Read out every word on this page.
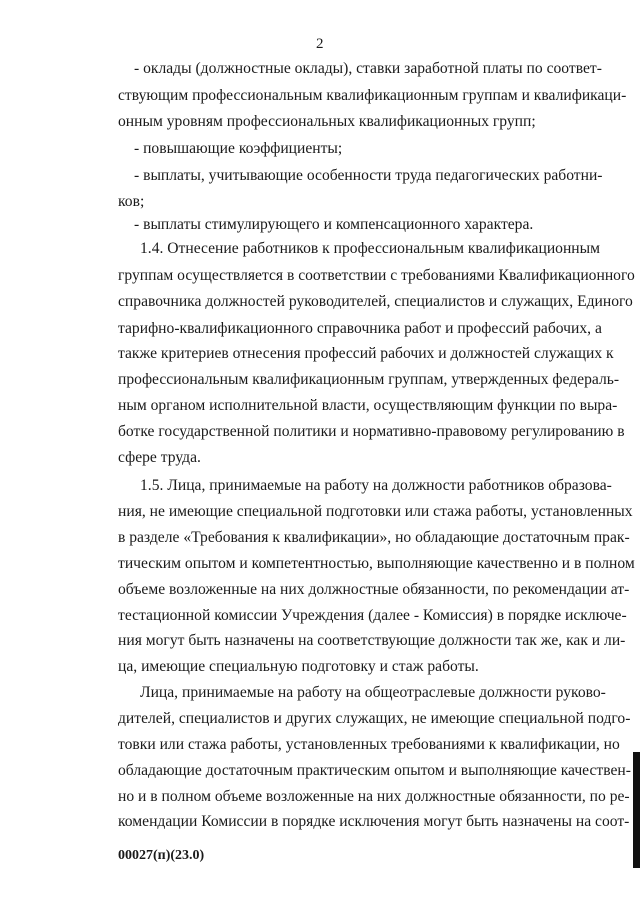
2
- оклады (должностные оклады), ставки заработной платы по соответ-
ствующим профессиональным квалификационным группам и квалификаци-
онным уровням профессиональных квалификационных групп;
- повышающие коэффициенты;
- выплаты, учитывающие особенности труда педагогических работни-
ков;
- выплаты стимулирующего и компенсационного характера.
1.4. Отнесение работников к профессиональным квалификационным
группам осуществляется в соответствии с требованиями Квалификационного
справочника должностей руководителей, специалистов и служащих, Единого
тарифно-квалификационного справочника работ и профессий рабочих, а
также критериев отнесения профессий рабочих и должностей служащих к
профессиональным квалификационным группам, утвержденных федераль-
ным органом исполнительной власти, осуществляющим функции по выра-
ботке государственной политики и нормативно-правовому регулированию в
сфере труда.
1.5. Лица, принимаемые на работу на должности работников образова-
ния, не имеющие специальной подготовки или стажа работы, установленных
в разделе «Требования к квалификации», но обладающие достаточным прак-
тическим опытом и компетентностью, выполняющие качественно и в полном
объеме возложенные на них должностные обязанности, по рекомендации ат-
тестационной комиссии Учреждения (далее - Комиссия) в порядке исключе-
ния могут быть назначены на соответствующие должности так же, как и ли-
ца, имеющие специальную подготовку и стаж работы.
Лица, принимаемые на работу на общеотраслевые должности руково-
дителей, специалистов и других служащих, не имеющие специальной подго-
товки или стажа работы, установленных требованиями к квалификации, но
обладающие достаточным практическим опытом и выполняющие качествен-
но и в полном объеме возложенные на них должностные обязанности, по ре-
комендации Комиссии в порядке исключения могут быть назначены на соот-
00027(п)(23.0)
